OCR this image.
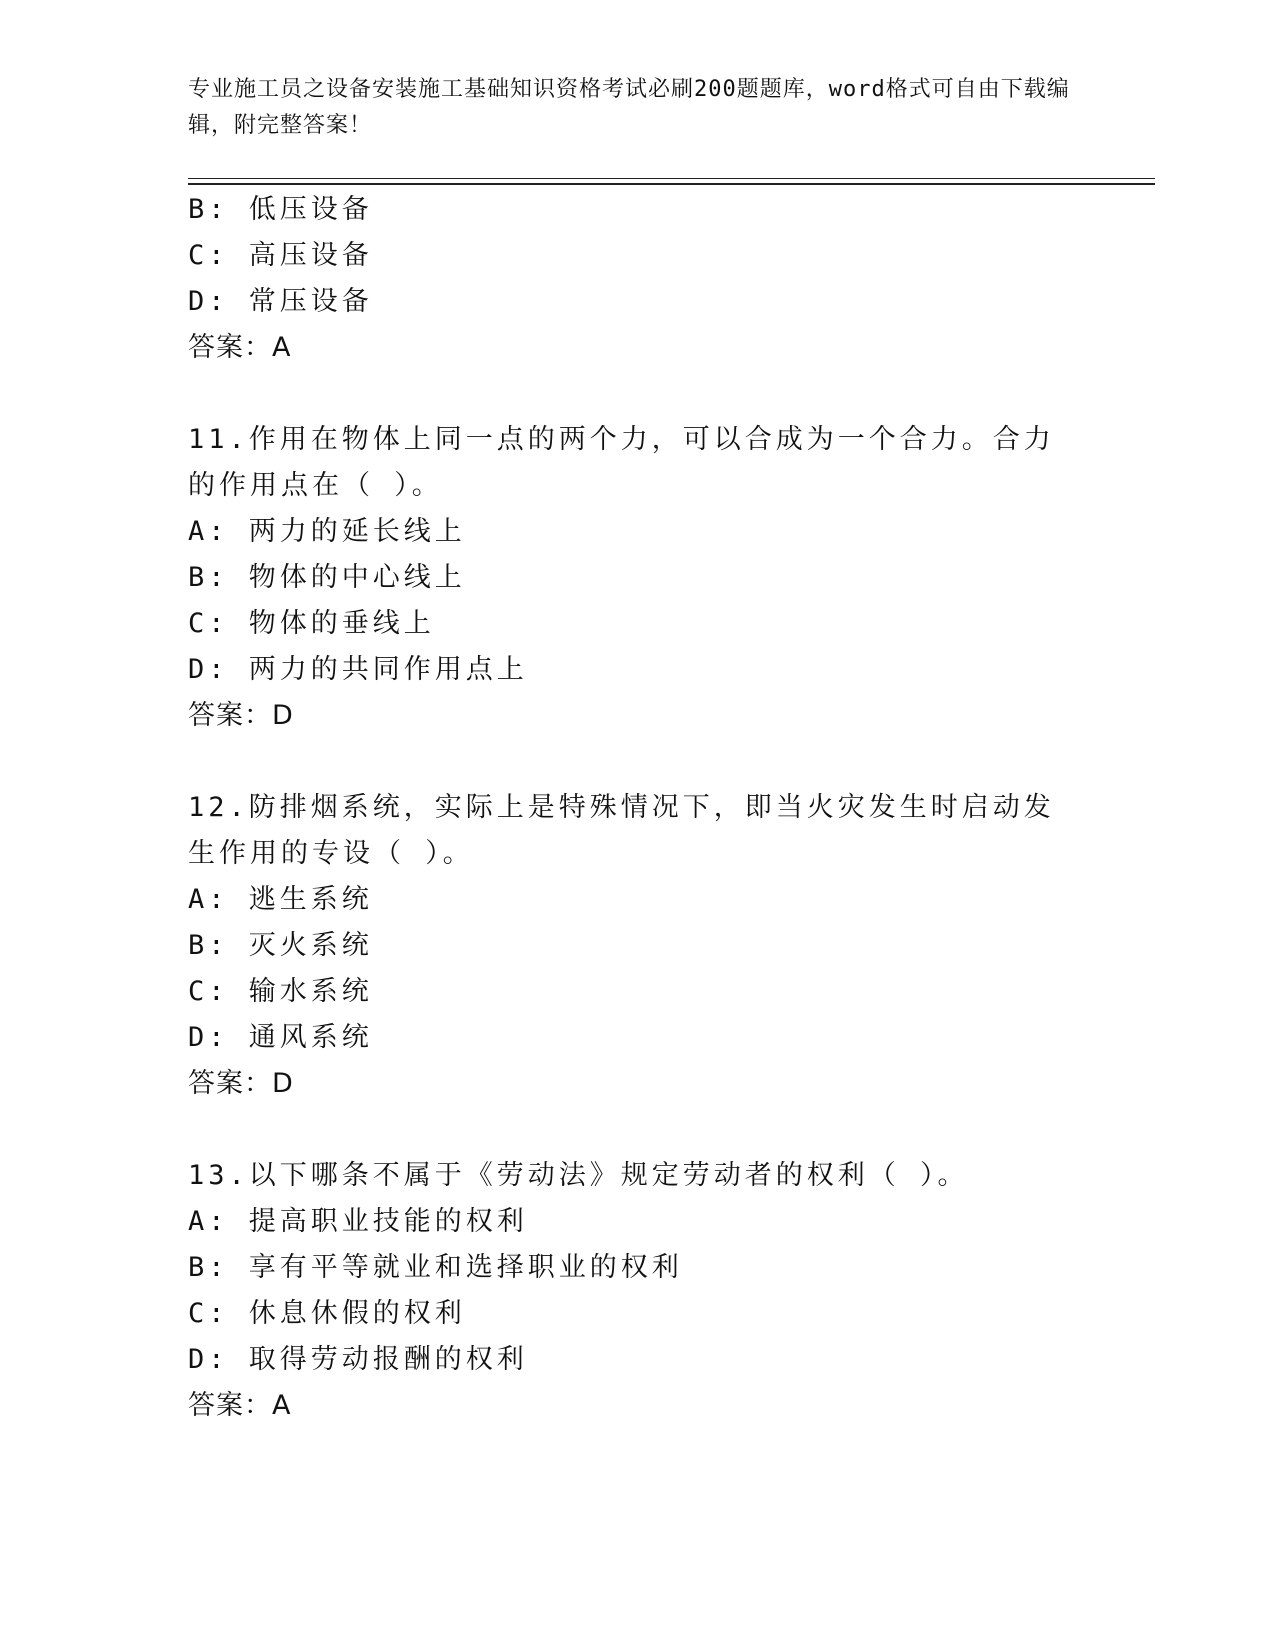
专业施工员之设备安装施工基础知识资格考试必刷200题题库，word格式可自由下载编辑，附完整答案！
B: 低压设备
C: 高压设备
D: 常压设备
答案：A
11.作用在物体上同一点的两个力，可以合成为一个合力。合力的作用点在（ ）。
A: 两力的延长线上
B: 物体的中心线上
C: 物体的垂线上
D: 两力的共同作用点上
答案：D
12.防排烟系统，实际上是特殊情况下，即当火灾发生时启动发生作用的专设（ ）。
A: 逃生系统
B: 灭火系统
C: 输水系统
D: 通风系统
答案：D
13.以下哪条不属于《劳动法》规定劳动者的权利（ ）。
A: 提高职业技能的权利
B: 享有平等就业和选择职业的权利
C: 休息休假的权利
D: 取得劳动报酬的权利
答案：A
